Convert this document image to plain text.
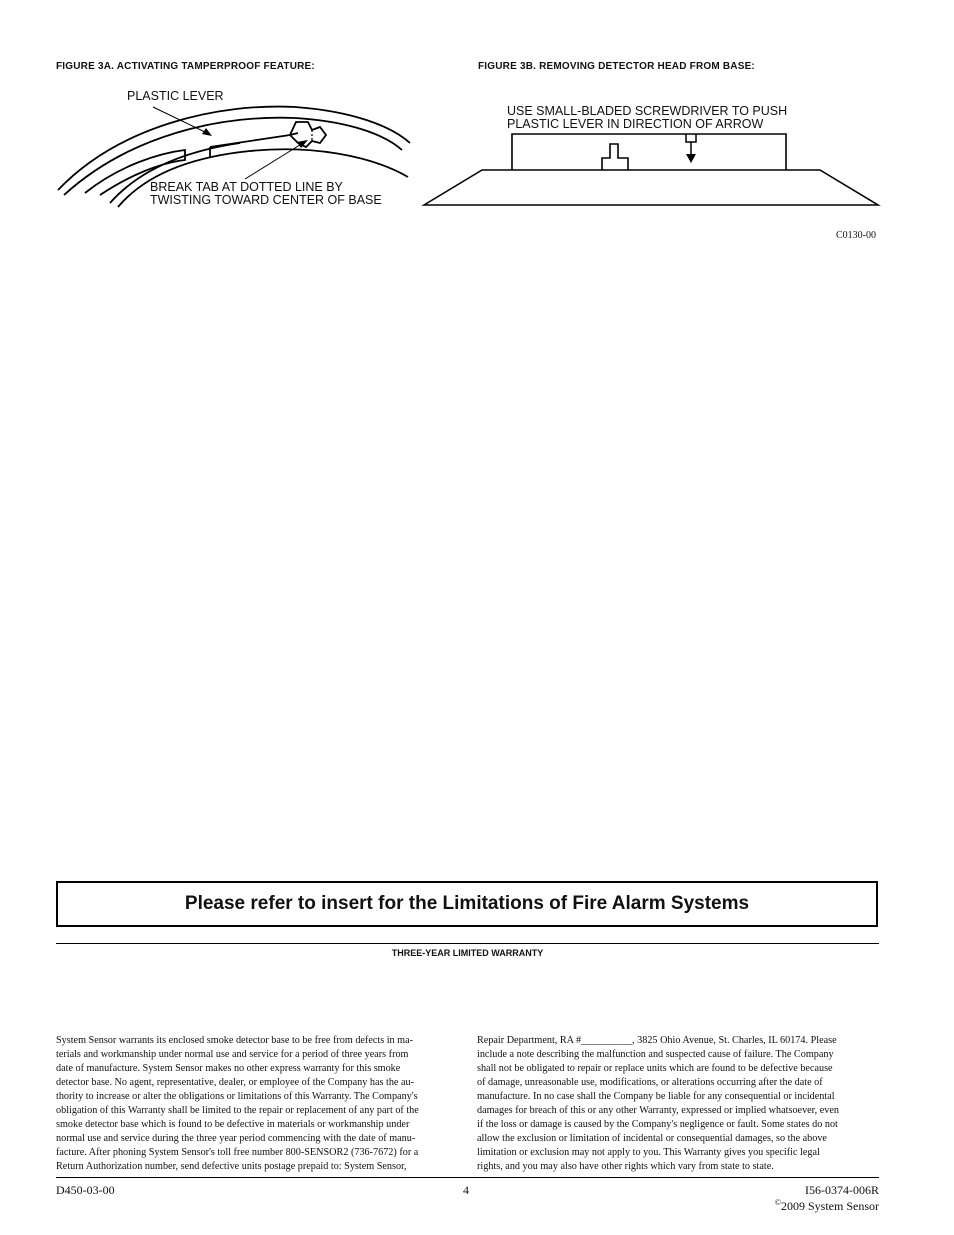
FIGURE 3A. ACTIVATING TAMPERPROOF FEATURE:
PLASTIC LEVER
BREAK TAB AT DOTTED LINE BY
TWISTING TOWARD CENTER OF BASE
FIGURE 3B. REMOVING DETECTOR HEAD FROM BASE:
USE SMALL-BLADED SCREWDRIVER TO PUSH
PLASTIC LEVER IN DIRECTION OF ARROW
C0130-00
Please refer to insert for the Limitations of Fire Alarm Systems
THREE-YEAR LIMITED WARRANTY
System Sensor warrants its enclosed smoke detector base to be free from defects in ma-
terials and workmanship under normal use and service for a period of three years from
date of manufacture. System Sensor makes no other express warranty for this smoke
detector base. No agent, representative, dealer, or employee of the Company has the au-
thority to increase or alter the obligations or limitations of this Warranty. The Company's
obligation of this Warranty shall be limited to the repair or replacement of any part of the
smoke detector base which is found to be defective in materials or workmanship under
normal use and service during the three year period commencing with the date of manu-
facture. After phoning System Sensor's toll free number 800-SENSOR2 (736-7672) for a
Return Authorization number, send defective units postage prepaid to: System Sensor,
Repair Department, RA #__________, 3825 Ohio Avenue, St. Charles, IL 60174. Please
include a note describing the malfunction and suspected cause of failure. The Company
shall not be obligated to repair or replace units which are found to be defective because
of damage, unreasonable use, modifications, or alterations occurring after the date of
manufacture. In no case shall the Company be liable for any consequential or incidental
damages for breach of this or any other Warranty, expressed or implied whatsoever, even
if the loss or damage is caused by the Company's negligence or fault. Some states do not
allow the exclusion or limitation of incidental or consequential damages, so the above
limitation or exclusion may not apply to you. This Warranty gives you specific legal
rights, and you may also have other rights which vary from state to state.
D450-03-00	4	I56-0374-006R
©2009 System Sensor
